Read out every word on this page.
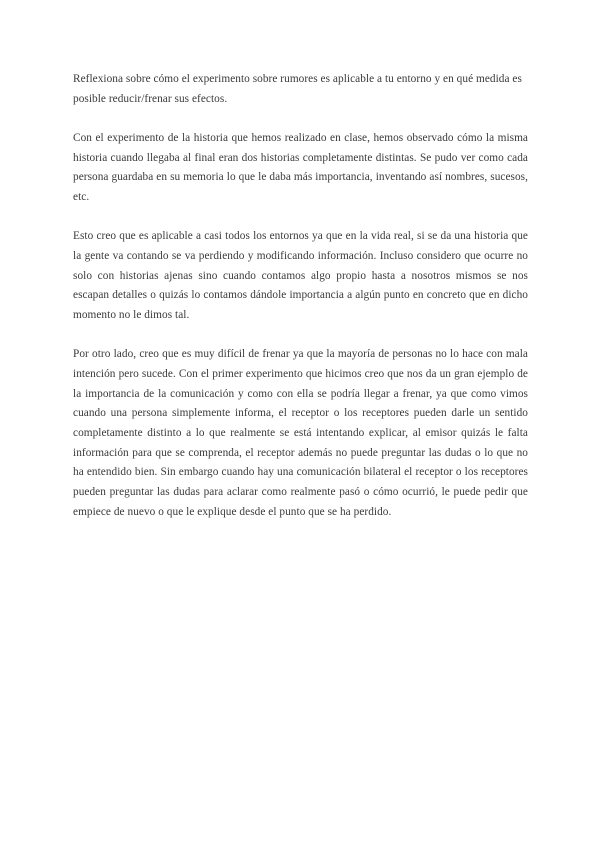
Reflexiona sobre cómo el experimento sobre rumores es aplicable a tu entorno y en qué medida es posible reducir/frenar sus efectos.

Con el experimento de la historia que hemos realizado en clase, hemos observado cómo la misma historia cuando llegaba al final eran dos historias completamente distintas. Se pudo ver como cada persona guardaba en su memoria lo que le daba más importancia, inventando así nombres, sucesos, etc.

Esto creo que es aplicable a casi todos los entornos ya que en la vida real, si se da una historia que la gente va contando se va perdiendo y modificando información. Incluso considero que ocurre no solo con historias ajenas sino cuando contamos algo propio hasta a nosotros mismos se nos escapan detalles o quizás lo contamos dándole importancia a algún punto en concreto que en dicho momento no le dimos tal.

Por otro lado, creo que es muy difícil de frenar ya que la mayoría de personas no lo hace con mala intención pero sucede. Con el primer experimento que hicimos creo que nos da un gran ejemplo de la importancia de la comunicación y como con ella se podría llegar a frenar, ya que como vimos cuando una persona simplemente informa, el receptor o los receptores pueden darle un sentido completamente distinto a lo que realmente se está intentando explicar, al emisor quizás le falta información para que se comprenda, el receptor además no puede preguntar las dudas o lo que no ha entendido bien. Sin embargo cuando hay una comunicación bilateral el receptor o los receptores pueden preguntar las dudas para aclarar como realmente pasó o cómo ocurrió, le puede pedir que empiece de nuevo o que le explique desde el punto que se ha perdido.
